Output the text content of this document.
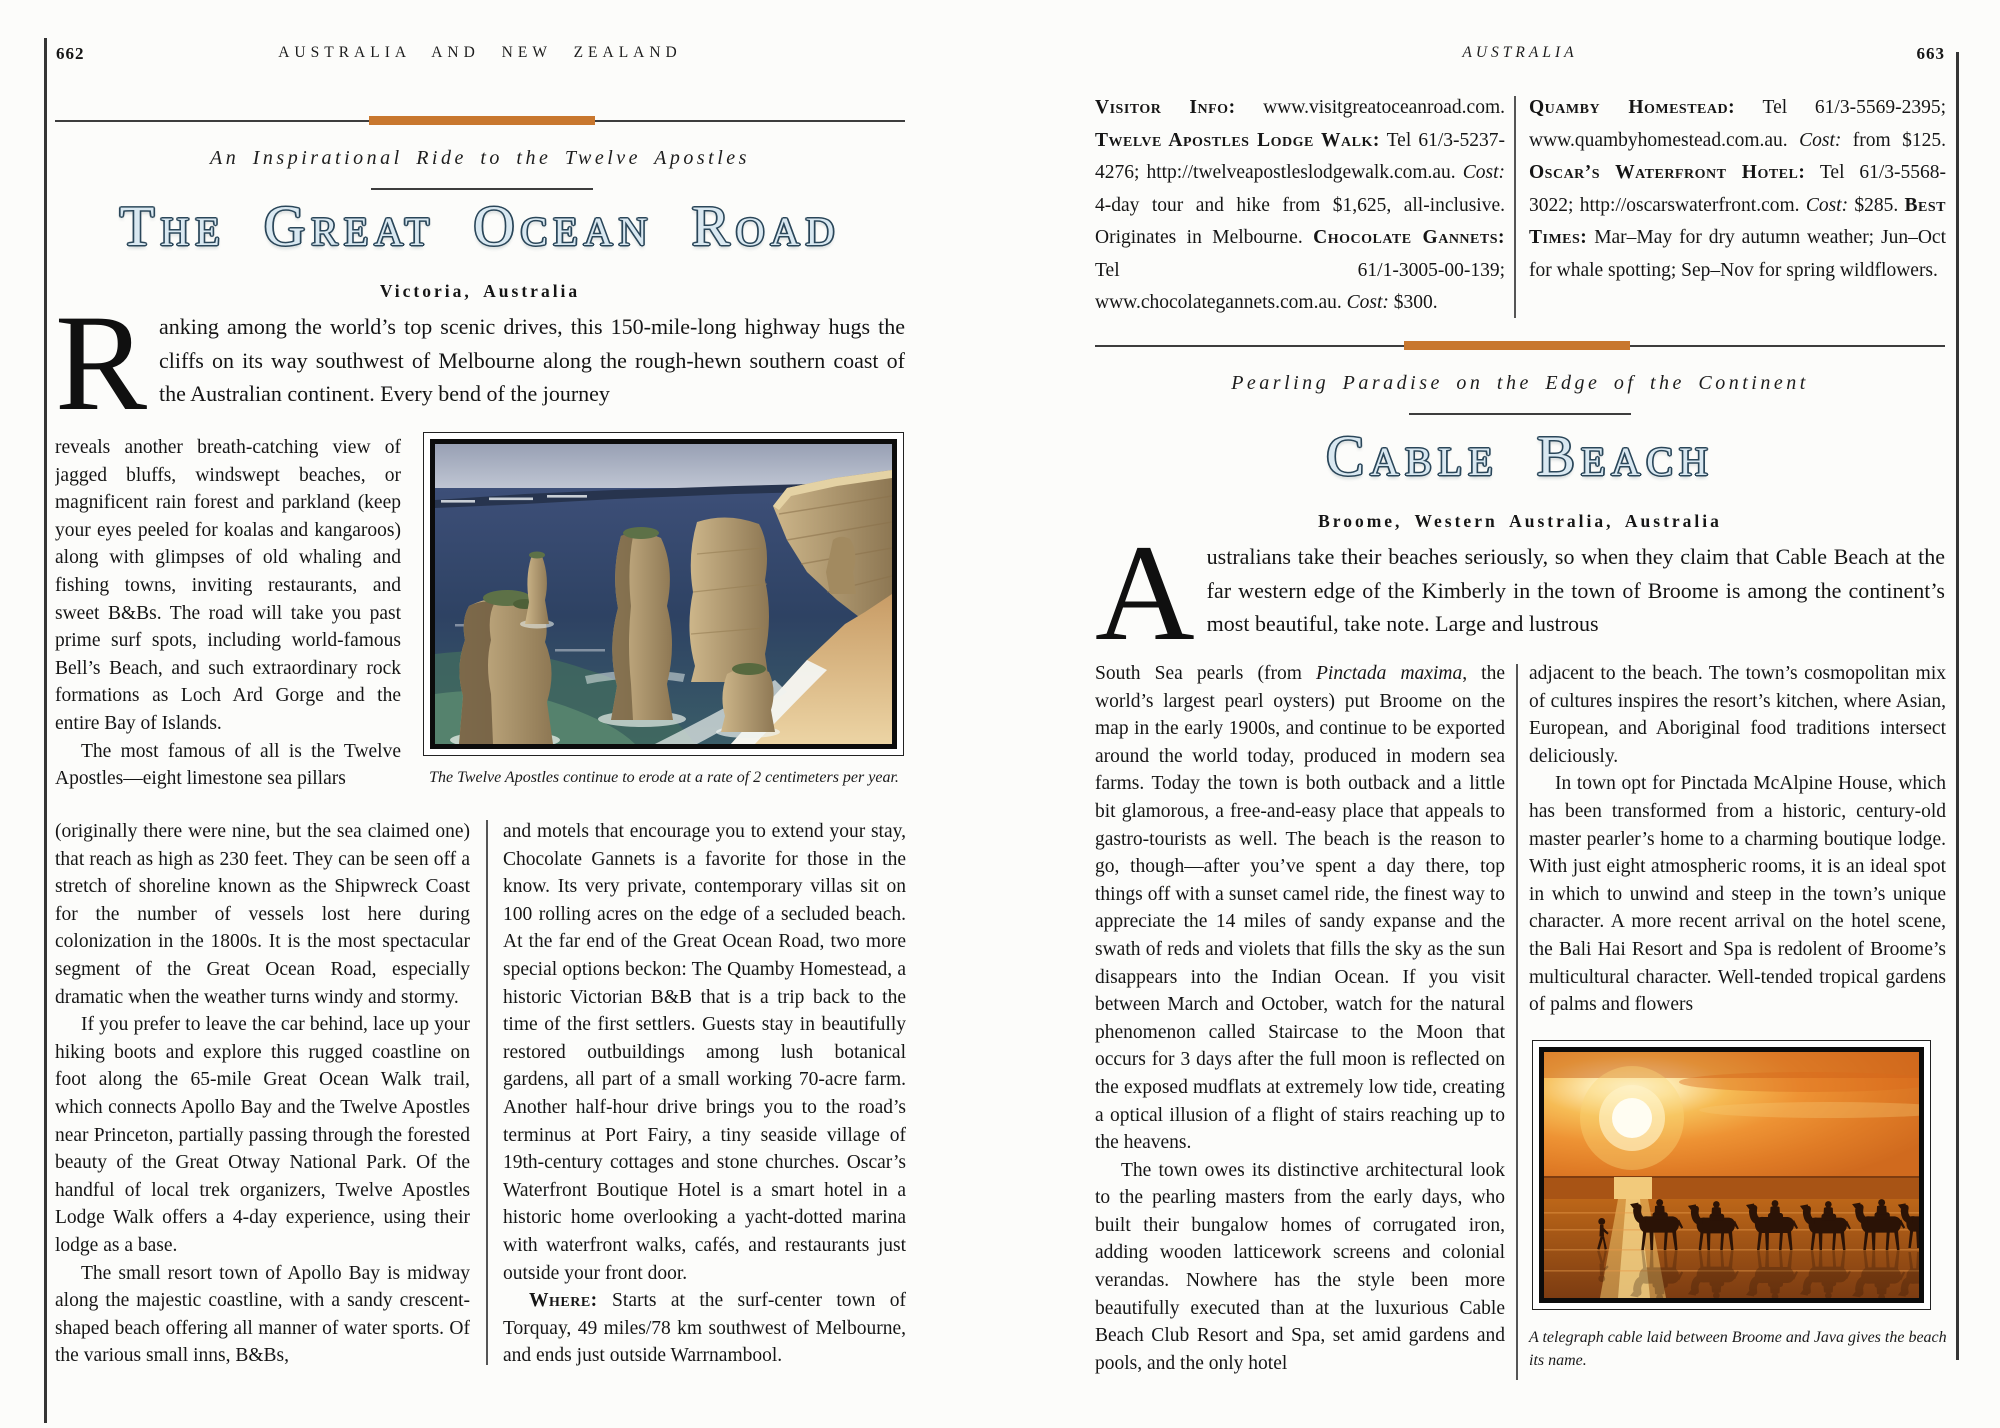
662	AUSTRALIA AND NEW ZEALAND
An Inspirational Ride to the Twelve Apostles
The Great Ocean Road
Victoria, Australia
Ranking among the world’s top scenic drives, this 150-mile-long highway hugs the cliffs on its way southwest of Melbourne along the rough-hewn southern coast of the Australian continent. Every bend of the journey

reveals another breath-catching view of jagged bluffs, windswept beaches, or magnificent rain forest and parkland (keep your eyes peeled for koalas and kangaroos) along with glimpses of old whaling and fishing towns, inviting restaurants, and sweet B&Bs. The road will take you past prime surf spots, including world-famous Bell’s Beach, and such extraordinary rock formations as Loch Ard Gorge and the entire Bay of Islands.

The most famous of all is the Twelve Apostles—eight limestone sea pillars	The Twelve Apostles continue to erode at a rate of 2 centimeters per year.

(originally there were nine, but the sea claimed one) that reach as high as 230 feet. They can be seen off a stretch of shoreline known as the Shipwreck Coast for the number of vessels lost here during colonization in the 1800s. It is the most spectacular segment of the Great Ocean Road, especially dramatic when the weather turns windy and stormy.

If you prefer to leave the car behind, lace up your hiking boots and explore this rugged coastline on foot along the 65-mile Great Ocean Walk trail, which connects Apollo Bay and the Twelve Apostles near Princeton, partially passing through the forested beauty of the Great Otway National Park. Of the handful of local trek organizers, Twelve Apostles Lodge Walk offers a 4-day experience, using their lodge as a base.

The small resort town of Apollo Bay is midway along the majestic coastline, with a sandy crescent-shaped beach offering all manner of water sports. Of the various small inns, B&Bs,

and motels that encourage you to extend your stay, Chocolate Gannets is a favorite for those in the know. Its very private, contemporary villas sit on 100 rolling acres on the edge of a secluded beach. At the far end of the Great Ocean Road, two more special options beckon: The Quamby Homestead, a historic Victorian B&B that is a trip back to the time of the first settlers. Guests stay in beautifully restored outbuildings among lush botanical gardens, all part of a small working 70-acre farm. Another half-hour drive brings you to the road’s terminus at Port Fairy, a tiny seaside village of 19th-century cottages and stone churches. Oscar’s Waterfront Boutique Hotel is a smart hotel in a historic home overlooking a yacht-dotted marina with waterfront walks, cafés, and restaurants just outside your front door.

Where: Starts at the surf-center town of Torquay, 49 miles/78 km southwest of Melbourne, and ends just outside Warrnambool.

AUSTRALIA	663

Visitor Info: www.visitgreatoceanroad.com. Twelve Apostles Lodge Walk: Tel 61/3-5237-4276; http://twelveapostleslodgewalk.com.au. Cost: 4-day tour and hike from $1,625, all-inclusive. Originates in Melbourne. Chocolate Gannets: Tel 61/1-3005-00-139; www.chocolategannets.com.au. Cost: $300.

Quamby Homestead: Tel 61/3-5569-2395; www.quambyhomestead.com.au. Cost: from $125. Oscar’s Waterfront Hotel: Tel 61/3-5568-3022; http://oscarswaterfront.com. Cost: $285. Best Times: Mar–May for dry autumn weather; Jun–Oct for whale spotting; Sep–Nov for spring wildflowers.

Pearling Paradise on the Edge of the Continent
Cable Beach
Broome, Western Australia, Australia
Australians take their beaches seriously, so when they claim that Cable Beach at the far western edge of the Kimberly in the town of Broome is among the continent’s most beautiful, take note. Large and lustrous

South Sea pearls (from Pinctada maxima, the world’s largest pearl oysters) put Broome on the map in the early 1900s, and continue to be exported around the world today, produced in modern sea farms. Today the town is both outback and a little bit glamorous, a free-and-easy place that appeals to gastro-tourists as well. The beach is the reason to go, though—after you’ve spent a day there, top things off with a sunset camel ride, the finest way to appreciate the 14 miles of sandy expanse and the swath of reds and violets that fills the sky as the sun disappears into the Indian Ocean. If you visit between March and October, watch for the natural phenomenon called Staircase to the Moon that occurs for 3 days after the full moon is reflected on the exposed mudflats at extremely low tide, creating a optical illusion of a flight of stairs reaching up to the heavens.

The town owes its distinctive architectural look to the pearling masters from the early days, who built their bungalow homes of corrugated iron, adding wooden latticework screens and colonial verandas. Nowhere has the style been more beautifully executed than at the luxurious Cable Beach Club Resort and Spa, set amid gardens and pools, and the only hotel

adjacent to the beach. The town’s cosmopolitan mix of cultures inspires the resort’s kitchen, where Asian, European, and Aboriginal food traditions intersect deliciously.

In town opt for Pinctada McAlpine House, which has been transformed from a historic, century-old master pearler’s home to a charming boutique lodge. With just eight atmospheric rooms, it is an ideal spot in which to unwind and steep in the town’s unique character. A more recent arrival on the hotel scene, the Bali Hai Resort and Spa is redolent of Broome’s multicultural character. Well-tended tropical gardens of palms and flowers

A telegraph cable laid between Broome and Java gives the beach its name.
